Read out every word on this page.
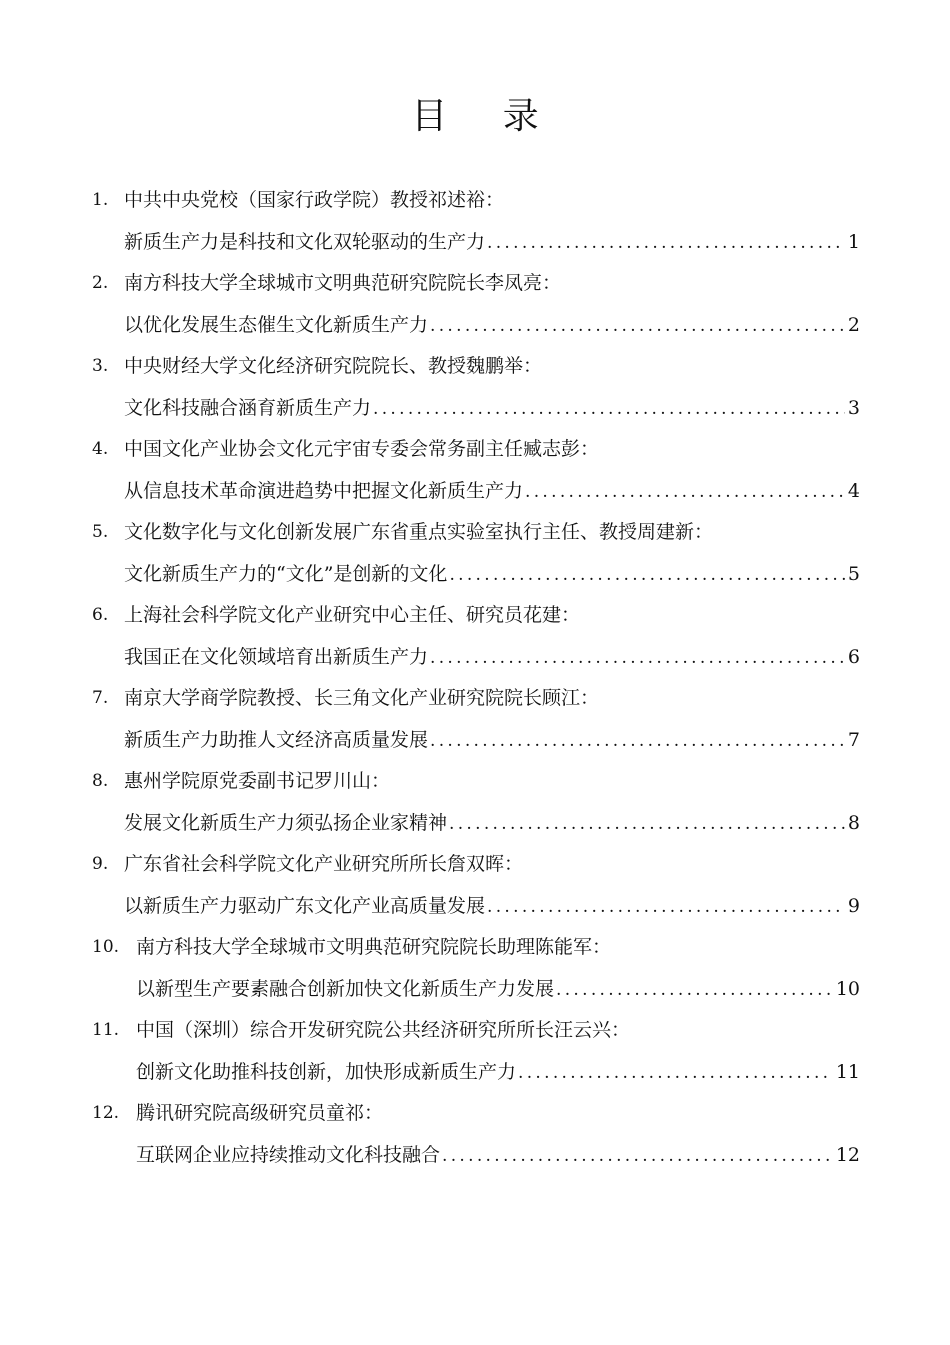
目 录
1. 中共中央党校（国家行政学院）教授祁述裕：
新质生产力是科技和文化双轮驱动的生产力 .....	1
2. 南方科技大学全球城市文明典范研究院院长李凤亮：
以优化发展生态催生文化新质生产力 .....	2
3. 中央财经大学文化经济研究院院长、教授魏鹏举：
文化科技融合涵育新质生产力 .....	3
4. 中国文化产业协会文化元宇宙专委会常务副主任臧志彭：
从信息技术革命演进趋势中把握文化新质生产力 .....	4
5. 文化数字化与文化创新发展广东省重点实验室执行主任、教授周建新：
文化新质生产力的“文化”是创新的文化 .....	5
6. 上海社会科学院文化产业研究中心主任、研究员花建：
我国正在文化领域培育出新质生产力 .....	6
7. 南京大学商学院教授、长三角文化产业研究院院长顾江：
新质生产力助推人文经济高质量发展 .....	7
8. 惠州学院原党委副书记罗川山：
发展文化新质生产力须弘扬企业家精神 .....	8
9. 广东省社会科学院文化产业研究所所长詹双晖：
以新质生产力驱动广东文化产业高质量发展 .....	9
10. 南方科技大学全球城市文明典范研究院院长助理陈能军：
以新型生产要素融合创新加快文化新质生产力发展 .....	10
11. 中国（深圳）综合开发研究院公共经济研究所所长汪云兴：
创新文化助推科技创新，加快形成新质生产力 .....	11
12. 腾讯研究院高级研究员童祁：
互联网企业应持续推动文化科技融合 .....	12
